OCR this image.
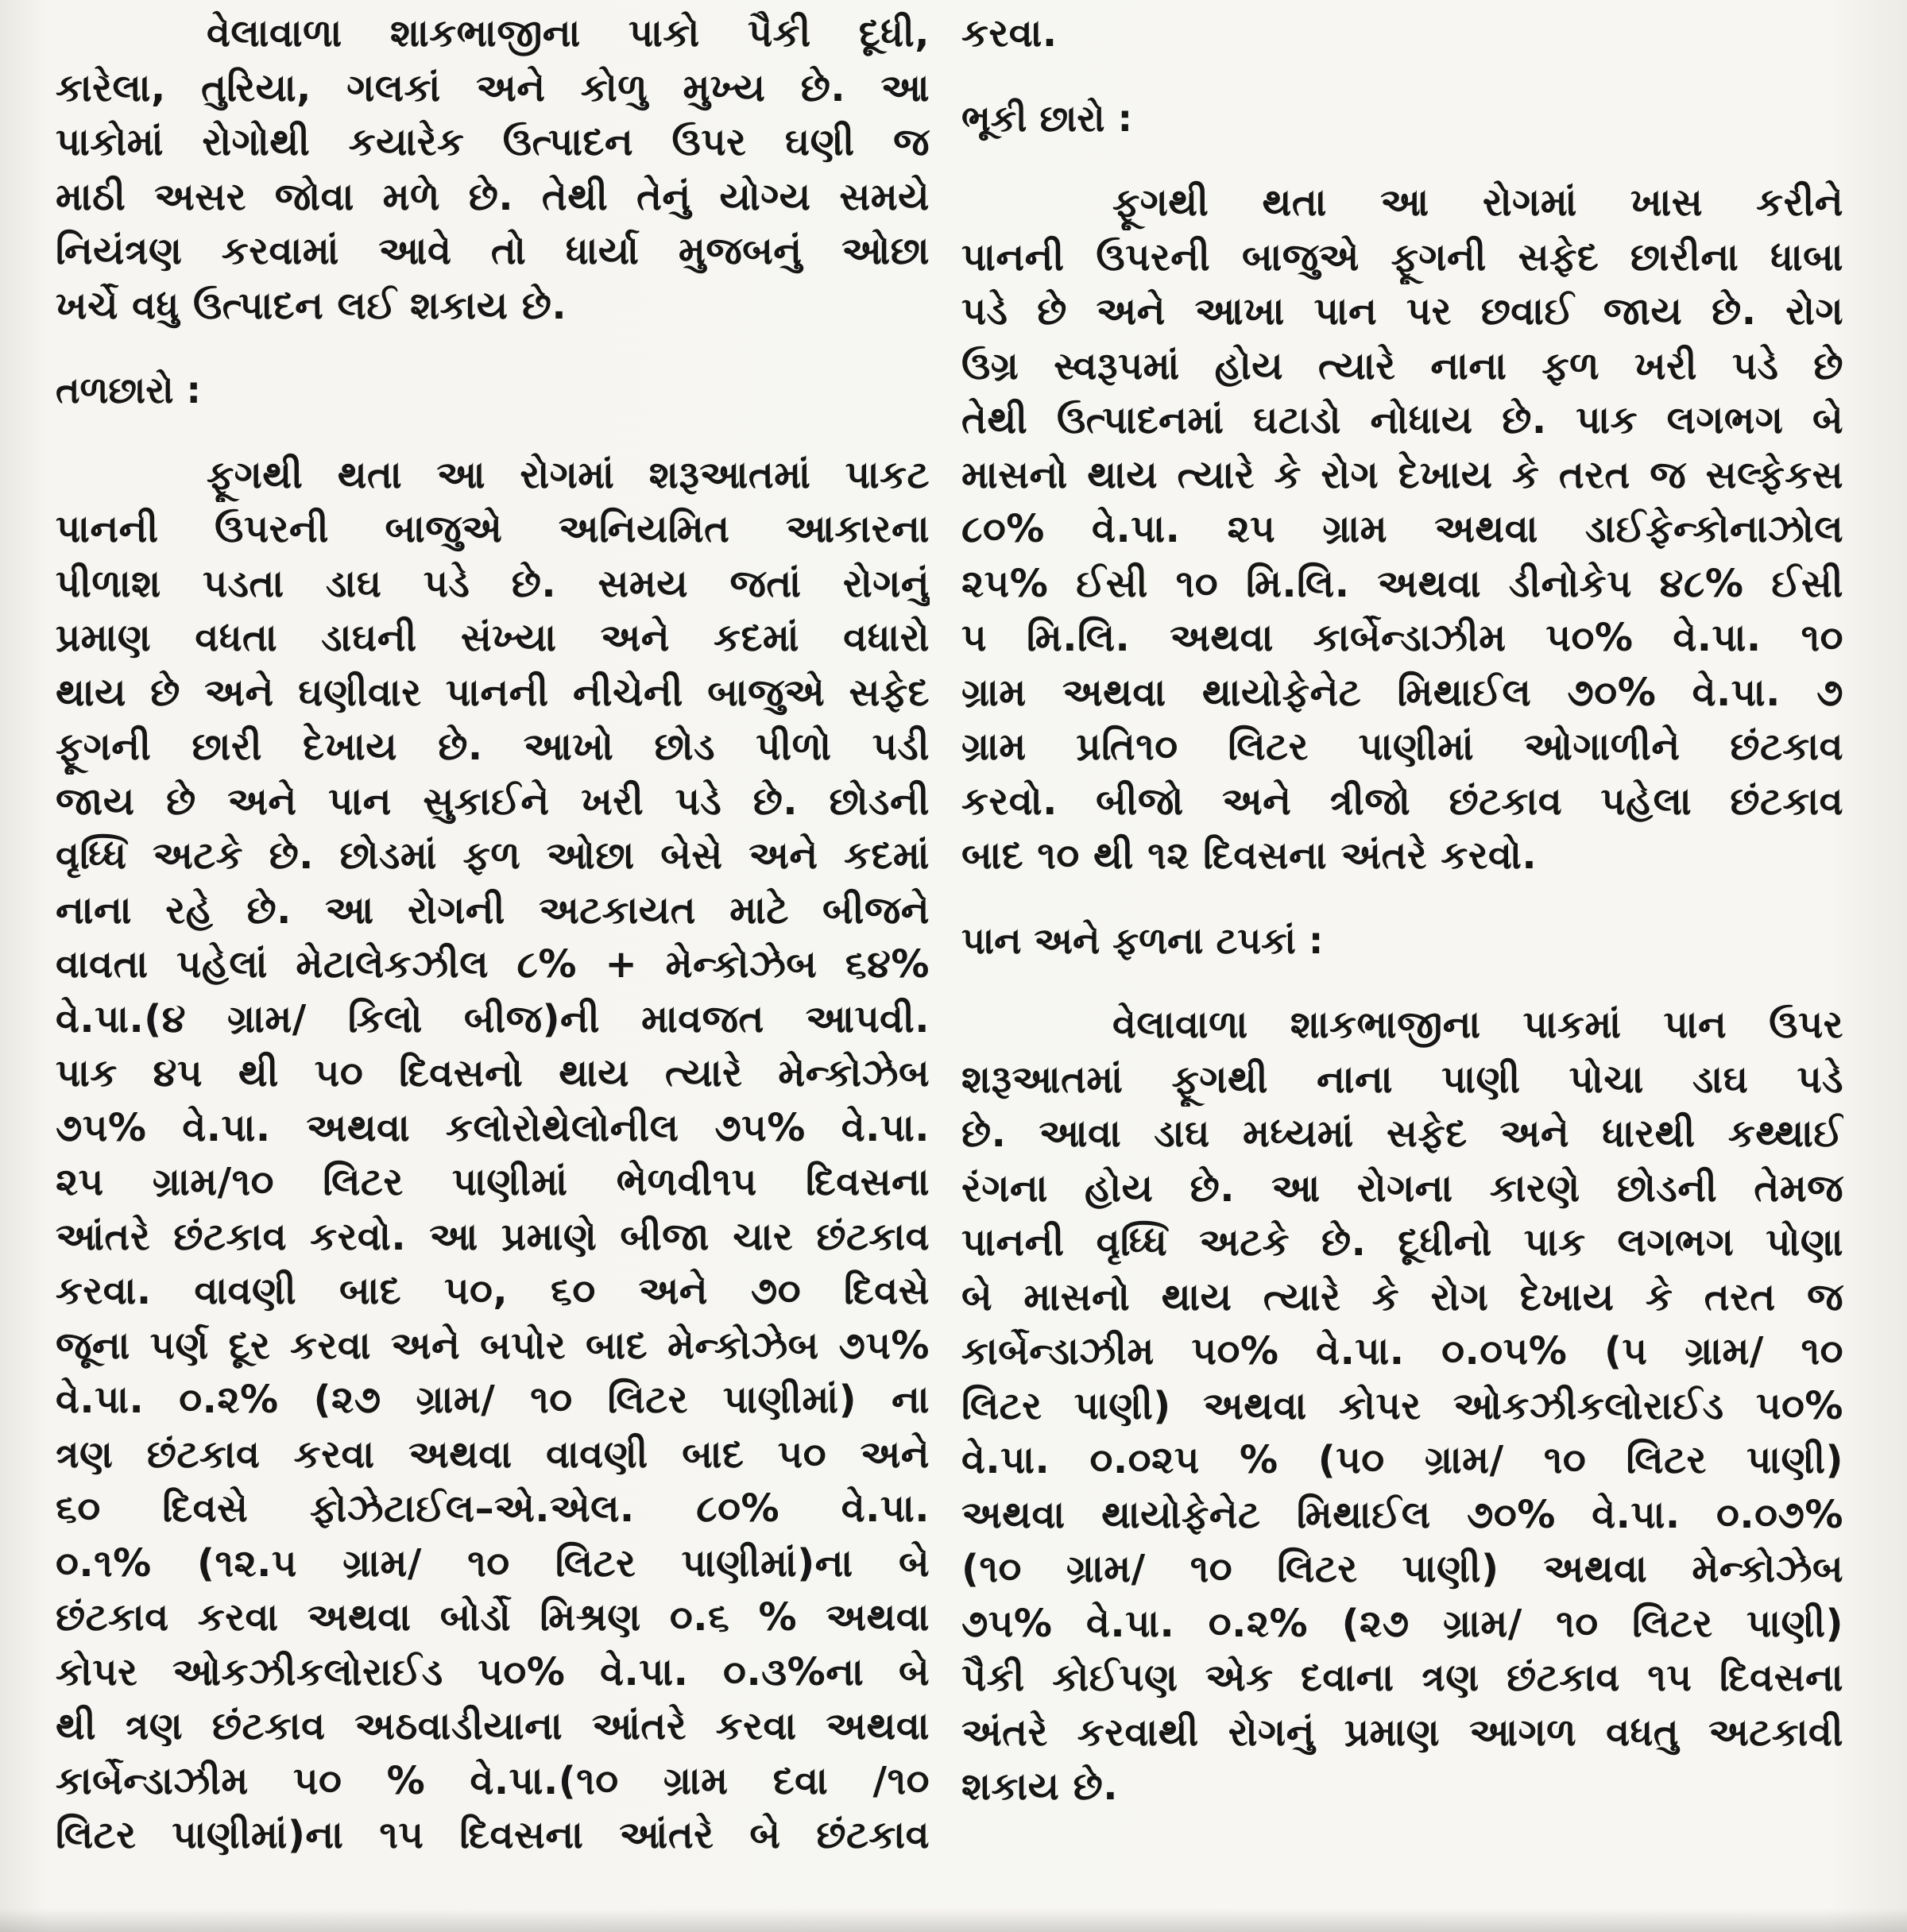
વેલાવાળા શાકભાજીના પાકો પૈકી દૂધી,
કારેલા, તુરિયા, ગલકાં અને કોળુ મુખ્ય છે. આ
પાકોમાં રોગોથી કયારેક ઉત્પાદન ઉપર ઘણી જ
માઠી અસર જોવા મળે છે. તેથી તેનું યોગ્ય સમયે
નિયંત્રણ કરવામાં આવે તો ધાર્યા મુજબનું ઓછા
ખર્ચે વધુ ઉત્પાદન લઈ શકાય છે.
તળછારો :
ફૂગથી થતા આ રોગમાં શરૂઆતમાં પાકટ
પાનની ઉપરની બાજુએ અનિયમિત આકારના
પીળાશ પડતા ડાઘ પડે છે. સમય જતાં રોગનું
પ્રમાણ વધતા ડાઘની સંખ્યા અને કદમાં વધારો
થાય છે અને ઘણીવાર પાનની નીચેની બાજુએ સફેદ
ફૂગની છારી દેખાય છે. આખો છોડ પીળો પડી
જાય છે અને પાન સુકાઈને ખરી પડે છે. છોડની
વૃધ્ધિ અટકે છે. છોડમાં ફળ ઓછા બેસે અને કદમાં
નાના રહે છે. આ રોગની અટકાયત માટે બીજને
વાવતા પહેલાં મેટાલેકઝીલ ૮% + મેન્કોઝેબ ૬૪%
વે.પા.(૪ ગ્રામ/ કિલો બીજ)ની માવજત આપવી.
પાક ૪૫ થી ૫૦ દિવસનો થાય ત્યારે મેન્કોઝેબ
૭૫% વે.પા. અથવા કલોરોથેલોનીલ ૭૫% વે.પા.
૨૫ ગ્રામ/૧૦ લિટર પાણીમાં ભેળવી૧૫ દિવસના
આંતરે છંટકાવ કરવો. આ પ્રમાણે બીજા ચાર છંટકાવ
કરવા. વાવણી બાદ ૫૦, ૬૦ અને ૭૦ દિવસે
જૂના પર્ણ દૂર કરવા અને બપોર બાદ મેન્કોઝેબ ૭૫%
વે.પા. ૦.૨% (૨૭ ગ્રામ/ ૧૦ લિટર પાણીમાં) ના
ત્રણ છંટકાવ કરવા અથવા વાવણી બાદ ૫૦ અને
૬૦ દિવસે ફોઝેટાઈલ–એ.એલ. ૮૦% વે.પા.
૦.૧% (૧૨.૫ ગ્રામ/ ૧૦ લિટર પાણીમાં)ના બે
છંટકાવ કરવા અથવા બોર્ડો મિશ્રણ ૦.૬ % અથવા
કોપર ઓકઝીકલોરાઈડ ૫૦% વે.પા. ૦.૩%ના બે
થી ત્રણ છંટકાવ અઠવાડીયાના આંતરે કરવા અથવા
કાર્બેન્ડાઝીમ ૫૦ % વે.પા.(૧૦ ગ્રામ દવા /૧૦
લિટર પાણીમાં)ના ૧૫ દિવસના આંતરે બે છંટકાવ
કરવા.
ભૂકી છારો :
ફૂગથી થતા આ રોગમાં ખાસ કરીને
પાનની ઉપરની બાજુએ ફૂગની સફેદ છારીના ધાબા
પડે છે અને આખા પાન પર છવાઈ જાય છે. રોગ
ઉગ્ર સ્વરૂપમાં હોય ત્યારે નાના ફળ ખરી પડે છે
તેથી ઉત્પાદનમાં ઘટાડો નોધાય છે. પાક લગભગ બે
માસનો થાય ત્યારે કે રોગ દેખાય કે તરત જ સલ્ફેકસ
૮૦% વે.પા. ૨૫ ગ્રામ અથવા ડાઈફેન્કોનાઝોલ
૨૫% ઈસી ૧૦ મિ.લિ. અથવા ડીનોકેપ ૪૮% ઈસી
૫ મિ.લિ. અથવા કાર્બેન્ડાઝીમ ૫૦% વે.પા. ૧૦
ગ્રામ અથવા થાયોફેનેટ મિથાઈલ ૭૦% વે.પા. ૭
ગ્રામ પ્રતિ૧૦ લિટર પાણીમાં ઓગાળીને છંટકાવ
કરવો. બીજો અને ત્રીજો છંટકાવ પહેલા છંટકાવ
બાદ ૧૦ થી ૧૨ દિવસના અંતરે કરવો.
પાન અને ફળના ટપકાં :
વેલાવાળા શાકભાજીના પાકમાં પાન ઉપર
શરૂઆતમાં ફૂગથી નાના પાણી પોચા ડાઘ પડે
છે. આવા ડાઘ મધ્યમાં સફેદ અને ધારથી કથ્થાઈ
રંગના હોય છે. આ રોગના કારણે છોડની તેમજ
પાનની વૃધ્ધિ અટકે છે. દૂધીનો પાક લગભગ પોણા
બે માસનો થાય ત્યારે કે રોગ દેખાય કે તરત જ
કાર્બેન્ડાઝીમ ૫૦% વે.પા. ૦.૦૫% (૫ ગ્રામ/ ૧૦
લિટર પાણી) અથવા કોપર ઓકઝીકલોરાઈડ ૫૦%
વે.પા. ૦.૦૨૫ % (૫૦ ગ્રામ/ ૧૦ લિટર પાણી)
અથવા થાયોફેનેટ મિથાઈલ ૭૦% વે.પા. ૦.૦૭%
(૧૦ ગ્રામ/ ૧૦ લિટર પાણી) અથવા મેન્કોઝેબ
૭૫% વે.પા. ૦.૨% (૨૭ ગ્રામ/ ૧૦ લિટર પાણી)
પૈકી કોઈપણ એક દવાના ત્રણ છંટકાવ ૧૫ દિવસના
અંતરે કરવાથી રોગનું પ્રમાણ આગળ વધતુ અટકાવી
શકાય છે.
